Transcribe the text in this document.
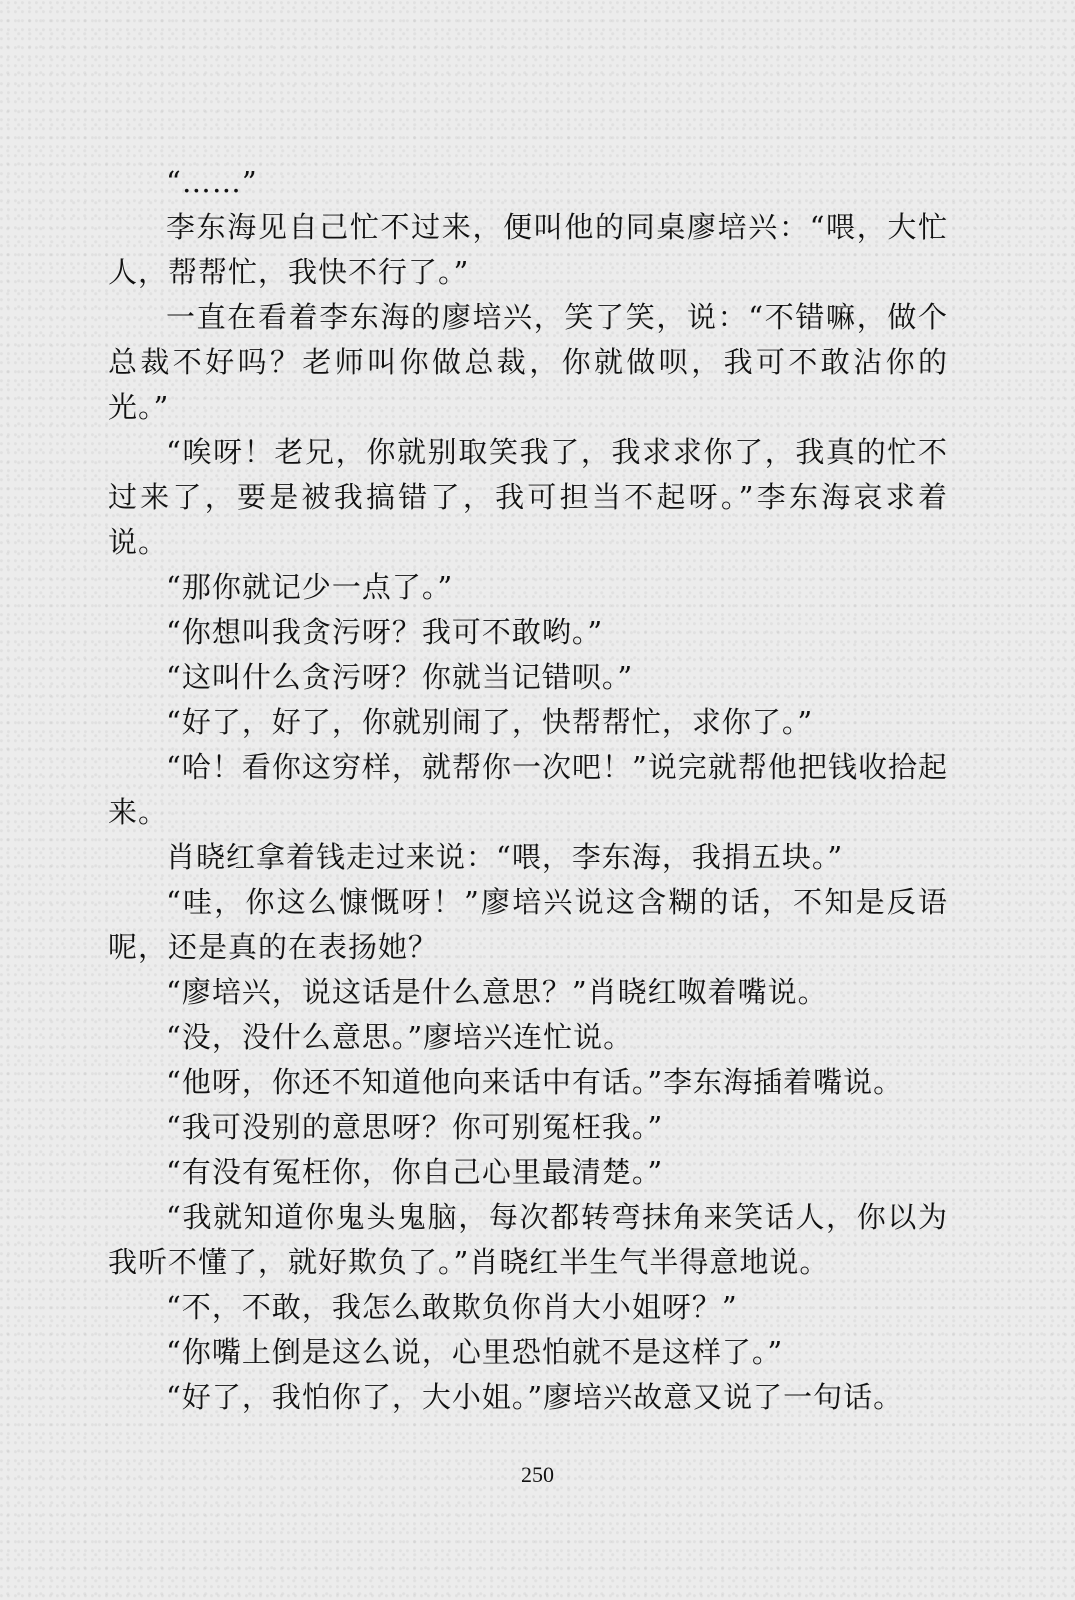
“……”

李东海见自己忙不过来，便叫他的同桌廖培兴：“喂，大忙人，帮帮忙，我快不行了。”

一直在看着李东海的廖培兴，笑了笑，说：“不错嘛，做个总裁不好吗？老师叫你做总裁，你就做呗，我可不敢沾你的光。”

“唉呀！老兄，你就别取笑我了，我求求你了，我真的忙不过来了，要是被我搞错了，我可担当不起呀。”李东海哀求着说。

“那你就记少一点了。”

“你想叫我贪污呀？我可不敢哟。”

“这叫什么贪污呀？你就当记错呗。”

“好了，好了，你就别闹了，快帮帮忙，求你了。”

“哈！看你这穷样，就帮你一次吧！”说完就帮他把钱收拾起来。

肖晓红拿着钱走过来说：“喂，李东海，我捐五块。”

“哇，你这么慷慨呀！”廖培兴说这含糊的话，不知是反语呢，还是真的在表扬她？

“廖培兴，说这话是什么意思？”肖晓红呶着嘴说。

“没，没什么意思。”廖培兴连忙说。

“他呀，你还不知道他向来话中有话。”李东海插着嘴说。

“我可没别的意思呀？你可别冤枉我。”

“有没有冤枉你，你自己心里最清楚。”

“我就知道你鬼头鬼脑，每次都转弯抹角来笑话人，你以为我听不懂了，就好欺负了。”肖晓红半生气半得意地说。

“不，不敢，我怎么敢欺负你肖大小姐呀？”

“你嘴上倒是这么说，心里恐怕就不是这样了。”

“好了，我怕你了，大小姐。”廖培兴故意又说了一句话。

250
